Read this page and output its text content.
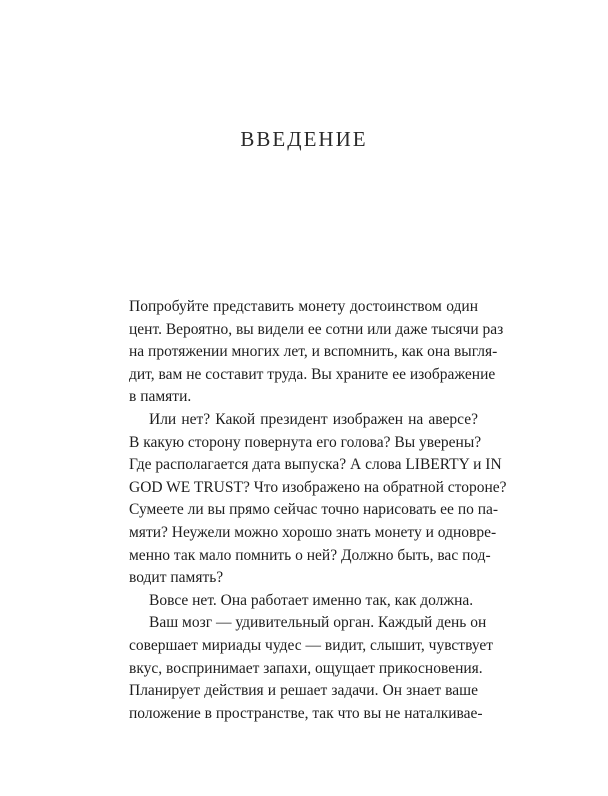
ВВЕДЕНИЕ
Попробуйте представить монету достоинством один
цент. Вероятно, вы видели ее сотни или даже тысячи раз
на протяжении многих лет, и вспомнить, как она выгля-
дит, вам не составит труда. Вы храните ее изображение
в памяти.
Или нет? Какой президент изображен на аверсе?
В какую сторону повернута его голова? Вы уверены?
Где располагается дата выпуска? А слова LIBERTY и IN
GOD WE TRUST? Что изображено на обратной стороне?
Сумеете ли вы прямо сейчас точно нарисовать ее по па-
мяти? Неужели можно хорошо знать монету и одновре-
менно так мало помнить о ней? Должно быть, вас под-
водит память?
Вовсе нет. Она работает именно так, как должна.
Ваш мозг — удивительный орган. Каждый день он
совершает мириады чудес — видит, слышит, чувствует
вкус, воспринимает запахи, ощущает прикосновения.
Планирует действия и решает задачи. Он знает ваше
положение в пространстве, так что вы не наталкивае-
